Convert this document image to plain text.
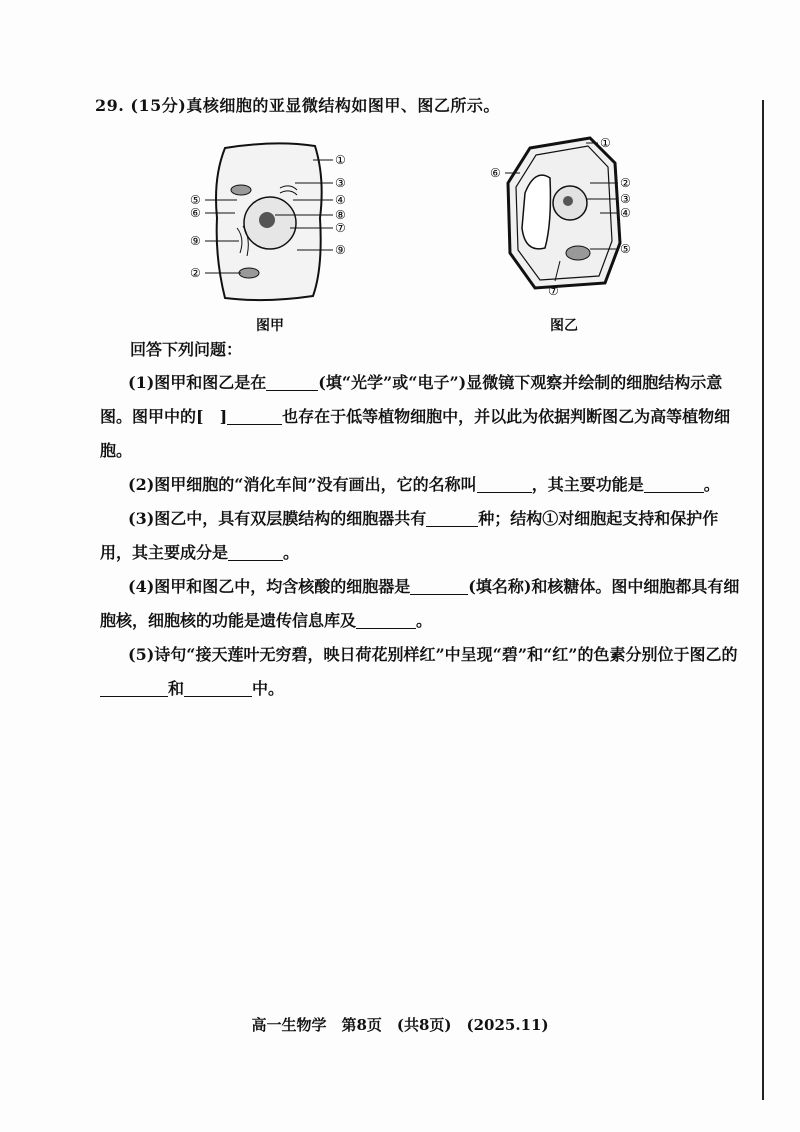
29. (15分)真核细胞的亚显微结构如图甲、图乙所示。
①
③
④
⑧
⑦
⑨
⑤
⑥
⑨
②
①
⑥
②
③
④
⑤
⑦
图甲	图乙
回答下列问题：
(1)图甲和图乙是在	(填“光学”或“电子”)显微镜下观察并绘制的细胞结构示意图。图甲中的[　]	也存在于低等植物细胞中，并以此为依据判断图乙为高等植物细胞。
(2)图甲细胞的“消化车间”没有画出，它的名称叫	，其主要功能是	。
(3)图乙中，具有双层膜结构的细胞器共有	种；结构①对细胞起支持和保护作用，其主要成分是	。
(4)图甲和图乙中，均含核酸的细胞器是	(填名称)和核糖体。图中细胞都具有细胞核，细胞核的功能是遗传信息库及	。
(5)诗句“接天莲叶无穷碧，映日荷花别样红”中呈现“碧”和“红”的色素分别位于图乙的和	中。
高一生物学　第8页　(共8页)　(2025.11)
